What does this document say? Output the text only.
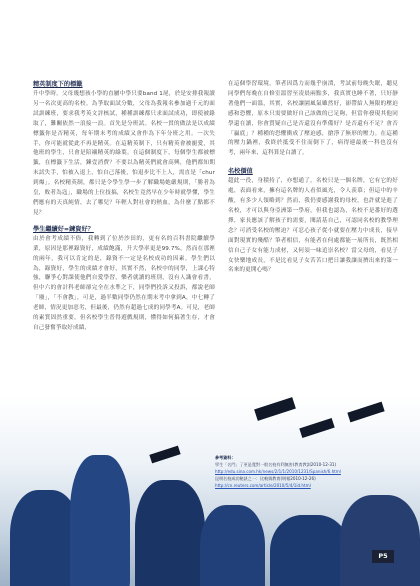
精英制度下的標籤

升中學時，父母幾想孩小學的直屬中學只要band 1尾，於是安排我報讀另一名次更高的名校。為爭取面試分數，父母為我報名參加過千元的面試訓練班，要求我考英文評核試，種種訓練都只求面試成功，即使被錄取了，難關依然一浪接一浪。首先是分班試。名校一貫的做法是以成績標籤你是否精英，每年期末考的成績又會作為下年分班之用。一次失手，你可能就從此不再是精英。在這精英制下，只有精英會被寵愛，其他班的學生，只會是陪襯精英的綠葉。在這個制度下，每個學生都被標籤，在標籤下生活，鍊壹消費？不要以為精英們就會高興，他們都知期末試失手，怕被入退上，怕自己落後，怕退步比不上人，需直是「chur　到爆」。名校精英制，都只是令學生學一步了解職場她嚴規則，「勝者為皇，敗者為寇」，職場的上位技搞，名校生竟然早在少年時就學懂，學生們應有的天真純情，去了哪兒？年輕人對社會的熱血，為什麼了點都不見？

學生繼續好=鍊資好？

由於會考成績不俗，我轉到了位於沙田的，更有名的百科書院繼續學業，原因是那裡錄資好，成績飽滿，升大學率更是99.7%，然而在那裡的兩年，我可以肯定的是，錄資不一定是名校成功的因素。學生們以為，錄資好，學生的成績才會好，其實不然，名校中的同學，上課心特強，聯爭心對課使他們自愛學習，樂者就讀的班別，沒有人識會看書，但中六的會計科老師卻完全在水準之下，同學們投訴又投訴，都說老師「廢」，「不會教」，可是，過半數同學仍然在期末考中拿到A，中七轉了老師，情況更加惡劣，但最後，仍然有超過七成的同學考A。可見，老師的素質固然重要，但名校學生普得遊戲規則，懂得如何搞著生存，才會自己發奮爭取好成績，

在這個學習環境，筆者因爲力而幾乎崩潰，考試前每晚失眠，聽見同學們每晚在自修室溫習至凌晨兩點多，我真實也睡不著，只好靜著他們一面溫，其實，名校讓園風氣雖然好，卻帶給人無限的壓迫感和恐懼，原本只需要做好自己該做的已足夠，但當你發現其他同學還在讀，你會質疑自己是否還沒有準備好？是否還有不足？會否「贏底」？種種的恐懼衝成了壓迫感，搶淨了無形的壓力。在這種的壓力鍋裡，我終於抵受不住而倒下了，病得連最後一科也沒有考，兩年來，這科算是白讀了。

名校價值

超此一役，身積持了，亦想通了。名校只是一個名牌，它有它的好處，表面看來，擁有這名牌的人看似風光，令人羨慕；但這中的辛酸，有多少人領略到？然而，我仍要感謝我的母校，也許就是進了名校，才可以與身亞洲第一學府，但我也認為，名校不是番好的選擇，家長應該了解孩子的需要，閱請基自己，可認同名校的教學理念？可消受名校的壓迫？可忍心孩子從小就要在壓力中成長，接早面對現實的殘酷？筆者相信，有能者在何處都能一展所長，既然相信自己子女有能力成材，又何須一味追崇名校？當父母的，看見子女快樂地成長，不是比看見子女苦苦口把日讓我讓而擠出來的第一名來的更開心嗎？

參考資料：
學生「名門」了更是寬對一般名校有利無害(教育教訓2010-12-31)
http://edu.sina.com.hk/news/2/1/1/2010/1231/Spanish/6.html
昆明名校成功秘訣之一：比較與教育(明報2010-12-26)
http://cn.reuters.com/article/2010/5/4/1id.html
P5
